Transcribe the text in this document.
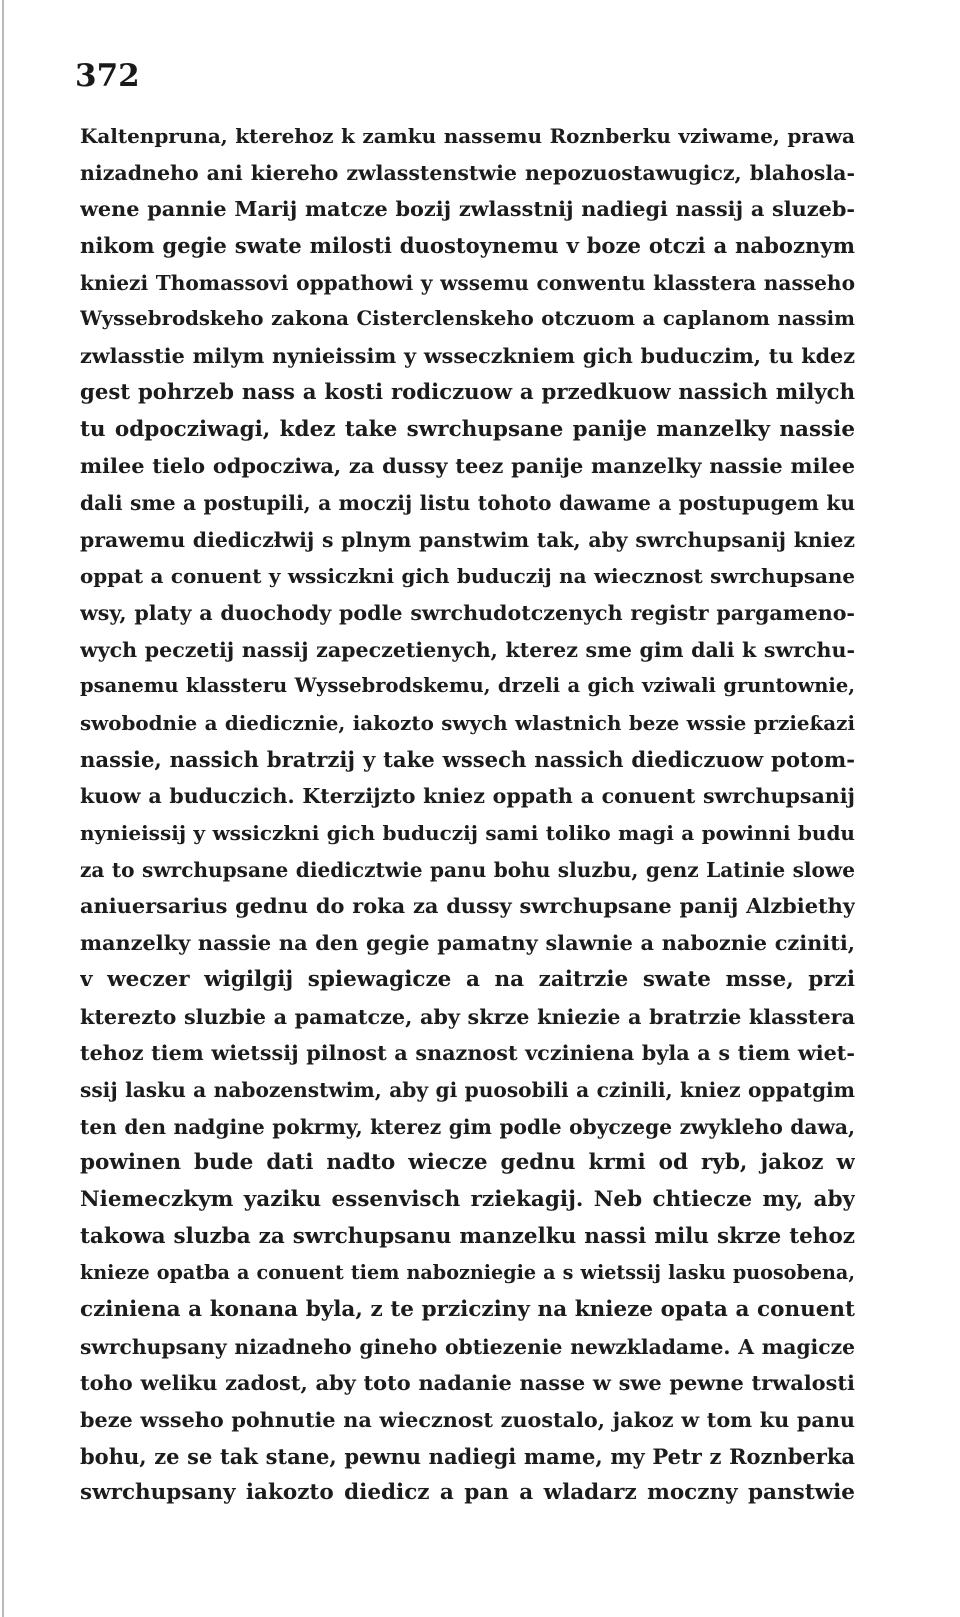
372
Kaltenpruna, kterehoz k zamku nassemu Roznberku vziwame, prawa
nizadneho ani kiereho zwlasstenstwie nepozuostawugicz, blahosla-
wene pannie Marij matcze bozij zwlasstnij nadiegi nassij a sluzeb-
nikom gegie swate milosti duostoynemu v boze otczi a naboznym
kniezi Thomassovi oppathowi y wssemu conwentu klasstera nasseho
Wyssebrodskeho zakona Cisterclenskeho otczuom a caplanom nassim
zwlasstie milym nynieissim y wsseczkniem gich buduczim, tu kdez
gest pohrzeb nass a kosti rodiczuow a przedkuow nassich milych
tu odpocziwagi, kdez take swrchupsane panije manzelky nassie
milee tielo odpocziwa, za dussy teez panije manzelky nassie milee
dali sme a postupili, a moczij listu tohoto dawame a postupugem ku
prawemu diediczłwij s plnym panstwim tak, aby swrchupsanij kniez
oppat a conuent y wssiczkni gich buduczij na wiecznost swrchupsane
wsy, platy a duochody podle swrchudotczenych registr pargameno-
wych peczetij nassij zapeczetienych, kterez sme gim dali k swrchu-
psanemu klassteru Wyssebrodskemu, drzeli a gich vziwali gruntownie,
swobodnie a diedicznie, iakozto swych wlastnich beze wssie przieƙazi
nassie, nassich bratrzij y take wssech nassich diediczuow potom-
kuow a buduczich. Kterzijzto kniez oppath a conuent swrchupsanij
nynieissij y wssiczkni gich buduczij sami toliko magi a powinni budu
za to swrchupsane diedicztwie panu bohu sluzbu, genz Latinie slowe
aniuersarius gednu do roka za dussy swrchupsane panij Alzbiethy
manzelky nassie na den gegie pamatny slawnie a naboznie cziniti,
v weczer wigilgij spiewagicze a na zaitrzie swate msse, przi
kterezto sluzbie a pamatcze, aby skrze kniezie a bratrzie klasstera
tehoz tiem wietssij pilnost a snaznost vcziniena byla a s tiem wiet-
ssij lasku a nabozenstwim, aby gi puosobili a czinili, kniez oppatgim
ten den nadgine pokrmy, kterez gim podle obyczege zwykleho dawa,
powinen bude dati nadto wiecze gednu krmi od ryb, jakoz w
Niemeczkym yaziku essenvisch rziekagij. Neb chtiecze my, aby
takowa sluzba za swrchupsanu manzelku nassi milu skrze tehoz
knieze opatba a conuent tiem nabozniegie a s wietssij lasku puosobena,
cziniena a konana byla, z te prziczіny na knieze opata a conuent
swrchupsany nizadneho gineho obtiezenie newzkladame. A magicze
toho weliku zadost, aby toto nadanie nasse w swe pewne trwalosti
beze wsseho pohnutie na wiecznost zuostalo, jakoz w tom ku panu
bohu, ze se tak stane, pewnu nadiegi mame, my Petr z Roznberka
swrchupsany iakozto diedicz a pan a wladarz moczny panstwie
